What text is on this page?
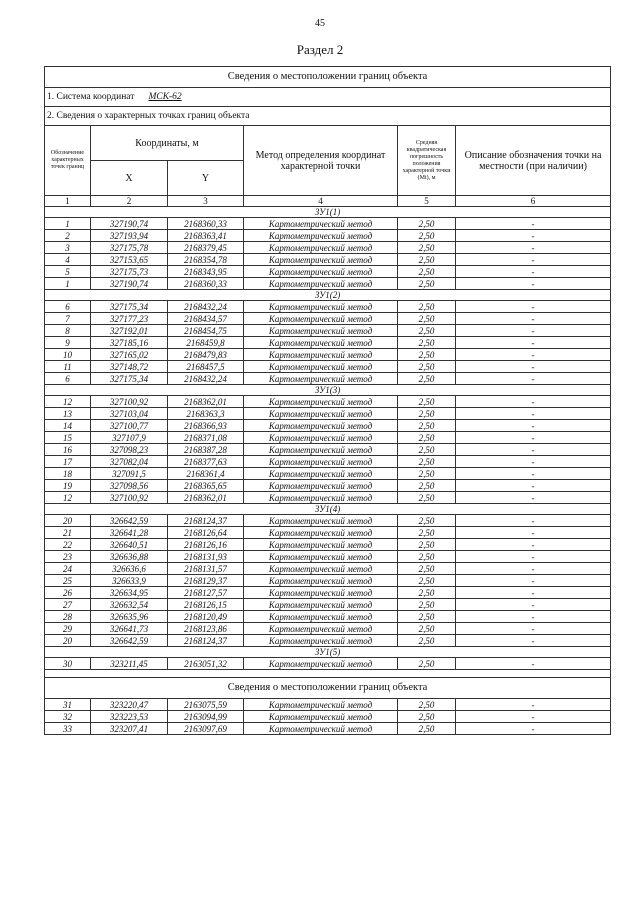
45
Раздел 2
Сведения о местоположении границ объекта					
1. Система координат МСК-62					
2. Сведения о характерных точках границ объекта					
Обозначение характерных точек границ	Координаты, м		Метод определения координат характерной точки	Средняя квадратическая погрешность положения характерной точки (Mt), м	Описание обозначения точки на местности (при наличии)
	X	Y			
1	2	3	4	5	6
ЗУ1(1)					
1	327190,74	2168360,33	Картометрический метод	2,50	-
2	327193,94	2168363,41	Картометрический метод	2,50	-
3	327175,78	2168379,45	Картометрический метод	2,50	-
4	327153,65	2168354,78	Картометрический метод	2,50	-
5	327175,73	2168343,95	Картометрический метод	2,50	-
1	327190,74	2168360,33	Картометрический метод	2,50	-
ЗУ1(2)					
6	327175,34	2168432,24	Картометрический метод	2,50	-
7	327177,23	2168434,57	Картометрический метод	2,50	-
8	327192,01	2168454,75	Картометрический метод	2,50	-
9	327185,16	2168459,8	Картометрический метод	2,50	-
10	327165,02	2168479,83	Картометрический метод	2,50	-
11	327148,72	2168457,5	Картометрический метод	2,50	-
6	327175,34	2168432,24	Картометрический метод	2,50	-
ЗУ1(3)					
12	327100,92	2168362,01	Картометрический метод	2,50	-
13	327103,04	2168363,3	Картометрический метод	2,50	-
14	327100,77	2168366,93	Картометрический метод	2,50	-
15	327107,9	2168371,08	Картометрический метод	2,50	-
16	327098,23	2168387,28	Картометрический метод	2,50	-
17	327082,04	2168377,63	Картометрический метод	2,50	-
18	327091,5	2168361,4	Картометрический метод	2,50	-
19	327098,56	2168365,65	Картометрический метод	2,50	-
12	327100,92	2168362,01	Картометрический метод	2,50	-
ЗУ1(4)					
20	326642,59	2168124,37	Картометрический метод	2,50	-
21	326641,28	2168126,64	Картометрический метод	2,50	-
22	326640,51	2168126,16	Картометрический метод	2,50	-
23	326636,88	2168131,93	Картометрический метод	2,50	-
24	326636,6	2168131,57	Картометрический метод	2,50	-
25	326633,9	2168129,37	Картометрический метод	2,50	-
26	326634,95	2168127,57	Картометрический метод	2,50	-
27	326632,54	2168126,15	Картометрический метод	2,50	-
28	326635,96	2168120,49	Картометрический метод	2,50	-
29	326641,73	2168123,86	Картометрический метод	2,50	-
20	326642,59	2168124,37	Картометрический метод	2,50	-
ЗУ1(5)					
30	323211,45	2163051,32	Картометрический метод	2,50	-

Сведения о местоположении границ объекта					
31	323220,47	2163075,59	Картометрический метод	2,50	-
32	323223,53	2163094,99	Картометрический метод	2,50	-
33	323207,41	2163097,69	Картометрический метод	2,50	-
